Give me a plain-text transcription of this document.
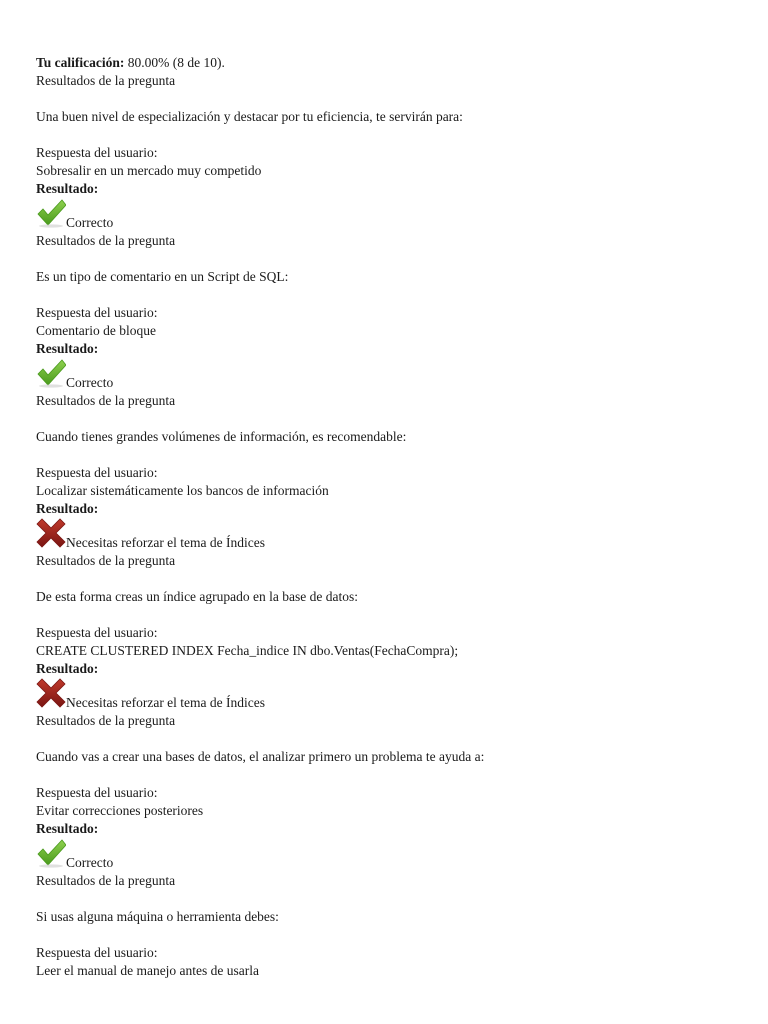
Tu calificación: 80.00% (8 de 10).
Resultados de la pregunta
Una buen nivel de especialización y destacar por tu eficiencia, te servirán para:
Respuesta del usuario:
Sobresalir en un mercado muy competido
Resultado:
Correcto
Resultados de la pregunta
Es un tipo de comentario en un Script de SQL:
Respuesta del usuario:
Comentario de bloque
Resultado:
Correcto
Resultados de la pregunta
Cuando tienes grandes volúmenes de información, es recomendable:
Respuesta del usuario:
Localizar sistemáticamente los bancos de información
Resultado:
Necesitas reforzar el tema de Índices
Resultados de la pregunta
De esta forma creas un índice agrupado en la base de datos:
Respuesta del usuario:
CREATE CLUSTERED INDEX Fecha_indice IN dbo.Ventas(FechaCompra);
Resultado:
Necesitas reforzar el tema de Índices
Resultados de la pregunta
Cuando vas a crear una bases de datos, el analizar primero un problema te ayuda a:
Respuesta del usuario:
Evitar correcciones posteriores
Resultado:
Correcto
Resultados de la pregunta
Si usas alguna máquina o herramienta debes:
Respuesta del usuario:
Leer el manual de manejo antes de usarla
